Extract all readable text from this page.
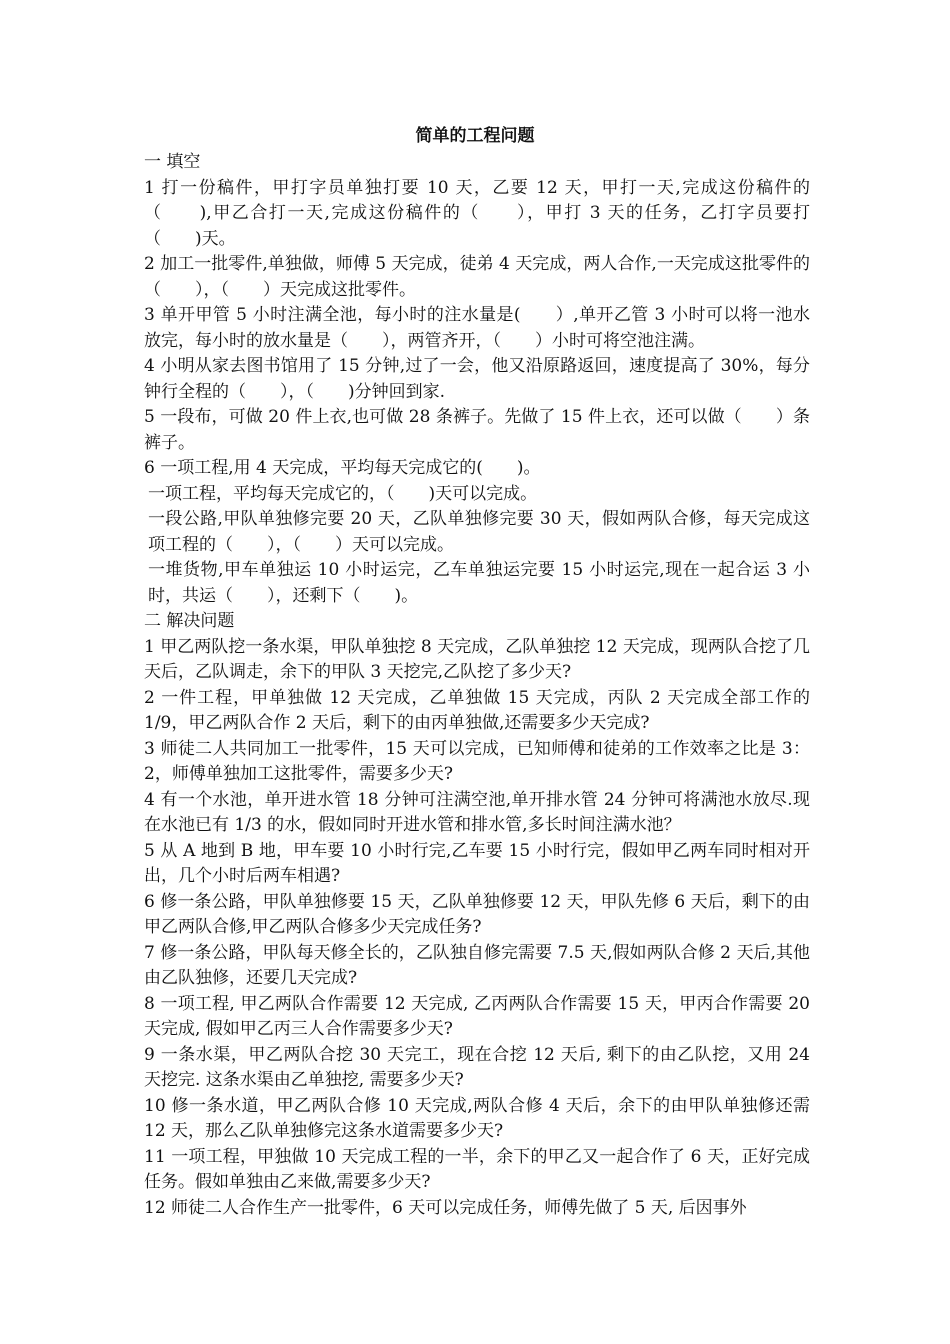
简单的工程问题

一 填空

1 打一份稿件，甲打字员单独打要 10 天，乙要 12 天，甲打一天,完成这份稿件的（　　),甲乙合打一天,完成这份稿件的（　　），甲打 3 天的任务，乙打字员要打（　　)天。

2 加工一批零件,单独做，师傅 5 天完成，徒弟 4 天完成，两人合作,一天完成这批零件的（　　），（　　）天完成这批零件。

3 单开甲管 5 小时注满全池，每小时的注水量是(　　）,单开乙管 3 小时可以将一池水放完，每小时的放水量是（　　），两管齐开，（　　）小时可将空池注满。

4 小明从家去图书馆用了 15 分钟,过了一会，他又沿原路返回，速度提高了 30%，每分钟行全程的（　　），（　　)分钟回到家.

5 一段布，可做 20 件上衣,也可做 28 条裤子。先做了 15 件上衣，还可以做（　　）条裤子。

6 一项工程,用 4 天完成，平均每天完成它的(　　)。

一项工程，平均每天完成它的，（　　)天可以完成。

一段公路,甲队单独修完要 20 天，乙队单独修完要 30 天，假如两队合修，每天完成这项工程的（　　），（　　）天可以完成。

一堆货物,甲车单独运 10 小时运完，乙车单独运完要 15 小时运完,现在一起合运 3 小时，共运（　　），还剩下（　　)。

二 解决问题

1 甲乙两队挖一条水渠，甲队单独挖 8 天完成，乙队单独挖 12 天完成，现两队合挖了几天后，乙队调走，余下的甲队 3 天挖完,乙队挖了多少天?

2 一件工程，甲单独做 12 天完成，乙单独做 15 天完成，丙队 2 天完成全部工作的 1/9，甲乙两队合作 2 天后，剩下的由丙单独做,还需要多少天完成?

3 师徒二人共同加工一批零件，15 天可以完成，已知师傅和徒弟的工作效率之比是 3：2，师傅单独加工这批零件，需要多少天?

4 有一个水池，单开进水管 18 分钟可注满空池,单开排水管 24 分钟可将满池水放尽.现在水池已有 1/3 的水，假如同时开进水管和排水管,多长时间注满水池？

5 从 A 地到 B 地，甲车要 10 小时行完,乙车要 15 小时行完，假如甲乙两车同时相对开出，几个小时后两车相遇?

6 修一条公路，甲队单独修要 15 天，乙队单独修要 12 天，甲队先修 6 天后，剩下的由甲乙两队合修,甲乙两队合修多少天完成任务?

7 修一条公路，甲队每天修全长的，乙队独自修完需要 7.5 天,假如两队合修 2 天后,其他由乙队独修，还要几天完成?

8 一项工程, 甲乙两队合作需要 12 天完成, 乙丙两队合作需要 15 天，甲丙合作需要 20 天完成, 假如甲乙丙三人合作需要多少天?

9 一条水渠，甲乙两队合挖 30 天完工，现在合挖 12 天后, 剩下的由乙队挖，又用 24 天挖完. 这条水渠由乙单独挖, 需要多少天?

10 修一条水道，甲乙两队合修 10 天完成,两队合修 4 天后，余下的由甲队单独修还需 12 天，那么乙队单独修完这条水道需要多少天?

11 一项工程，甲独做 10 天完成工程的一半，余下的甲乙又一起合作了 6 天，正好完成任务。假如单独由乙来做,需要多少天?

12 师徒二人合作生产一批零件，6 天可以完成任务，师傅先做了 5 天, 后因事外
